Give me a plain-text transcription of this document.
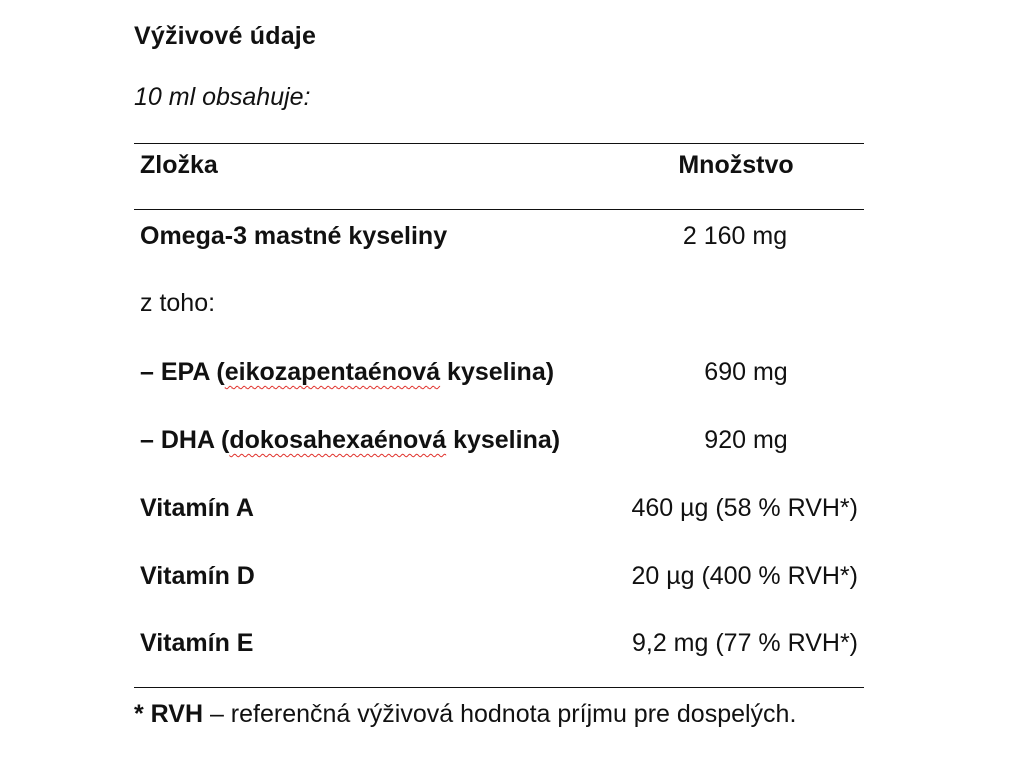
Výživové údaje
10 ml obsahuje:
Zložka	Množstvo
Omega-3 mastné kyseliny	2 160 mg
z toho:
– EPA (eikozapentaénová kyselina)	690 mg
– DHA (dokosahexaénová kyselina)	920 mg
Vitamín A	460 µg (58 % RVH*)
Vitamín D	20 µg (400 % RVH*)
Vitamín E	9,2 mg (77 % RVH*)
* RVH – referenčná výživová hodnota príjmu pre dospelých.
